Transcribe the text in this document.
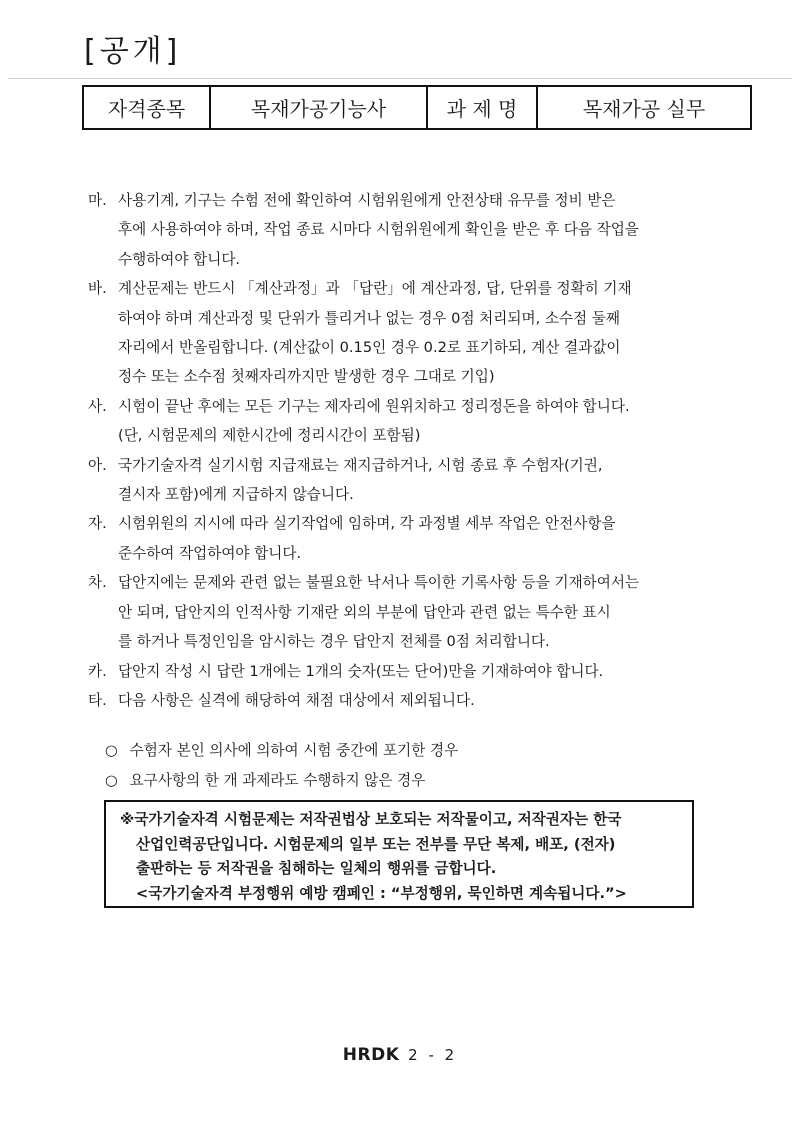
[공개]
자격종목	목재가공기능사	과 제 명	목재가공 실무
마. 사용기계, 기구는 수험 전에 확인하여 시험위원에게 안전상태 유무를 정비 받은
후에 사용하여야 하며, 작업 종료 시마다 시험위원에게 확인을 받은 후 다음 작업을
수행하여야 합니다.
바. 계산문제는 반드시 「계산과정」과 「답란」에 계산과정, 답, 단위를 정확히 기재
하여야 하며 계산과정 및 단위가 틀리거나 없는 경우 0점 처리되며, 소수점 둘째
자리에서 반올림합니다. (계산값이 0.15인 경우 0.2로 표기하되, 계산 결과값이
정수 또는 소수점 첫째자리까지만 발생한 경우 그대로 기입)
사. 시험이 끝난 후에는 모든 기구는 제자리에 원위치하고 정리정돈을 하여야 합니다.
(단, 시험문제의 제한시간에 정리시간이 포함됨)
아. 국가기술자격 실기시험 지급재료는 재지급하거나, 시험 종료 후 수험자(기권,
결시자 포함)에게 지급하지 않습니다.
자. 시험위원의 지시에 따라 실기작업에 임하며, 각 과정별 세부 작업은 안전사항을
준수하여 작업하여야 합니다.
차. 답안지에는 문제와 관련 없는 불필요한 낙서나 특이한 기록사항 등을 기재하여서는
안 되며, 답안지의 인적사항 기재란 외의 부분에 답안과 관련 없는 특수한 표시
를 하거나 특정인임을 암시하는 경우 답안지 전체를 0점 처리합니다.
카. 답안지 작성 시 답란 1개에는 1개의 숫자(또는 단어)만을 기재하여야 합니다.
타. 다음 사항은 실격에 해당하여 채점 대상에서 제외됩니다.
○ 수험자 본인 의사에 의하여 시험 중간에 포기한 경우
○ 요구사항의 한 개 과제라도 수행하지 않은 경우
※국가기술자격 시험문제는 저작권법상 보호되는 저작물이고, 저작권자는 한국
산업인력공단입니다. 시험문제의 일부 또는 전부를 무단 복제, 배포, (전자)
출판하는 등 저작권을 침해하는 일체의 행위를 금합니다.
<국가기술자격 부정행위 예방 캠페인 : “부정행위, 묵인하면 계속됩니다.”>
HRDK 2 - 2
